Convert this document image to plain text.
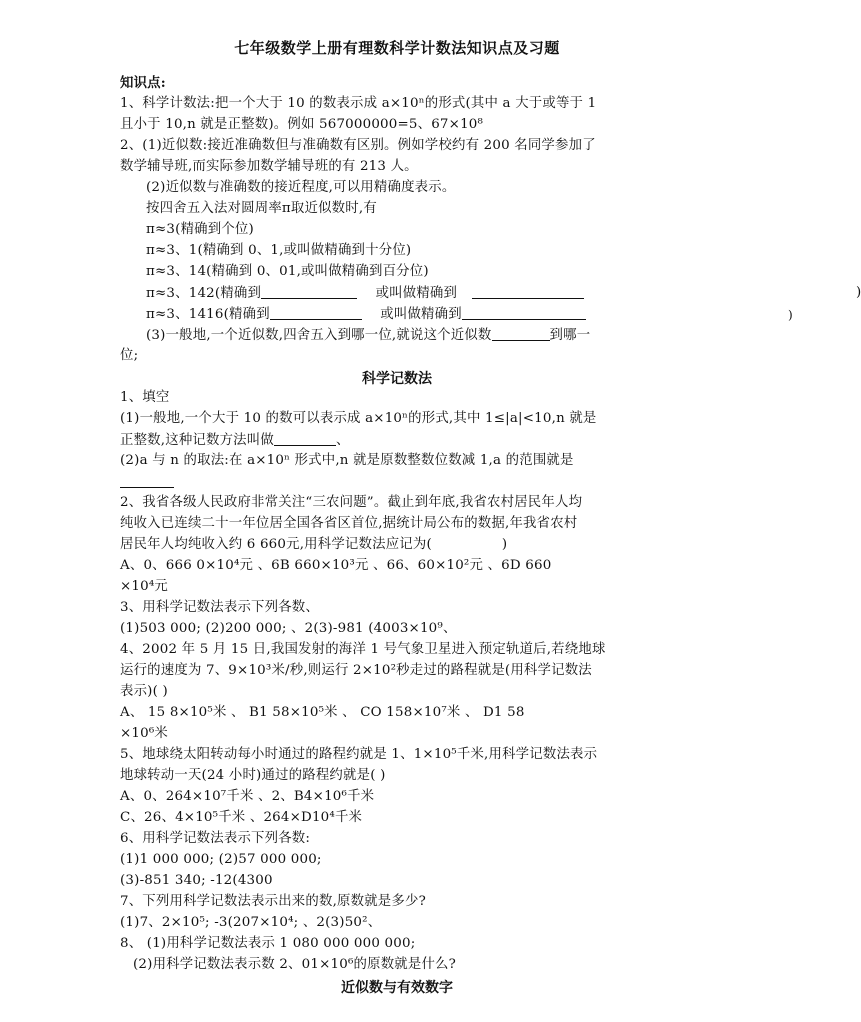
七年级数学上册有理数科学计数法知识点及习题
知识点:
1、科学计数法:把一个大于 10 的数表示成 a×10ⁿ的形式(其中 a 大于或等于 1
且小于 10,n 就是正整数)。例如 567000000=5、67×10⁸
2、(1)近似数:接近准确数但与准确数有区别。例如学校约有 200 名同学参加了
数学辅导班,而实际参加数学辅导班的有 213 人。
(2)近似数与准确数的接近程度,可以用精确度表示。
按四舍五入法对圆周率π取近似数时,有
π≈3(精确到个位)
π≈3、1(精确到 0、1,或叫做精确到十分位)
π≈3、14(精确到 0、01,或叫做精确到百分位)
π≈3、142(精确到	或叫做精确到	)
π≈3、1416(精确到	或叫做精确到
(3)一般地,一个近似数,四舍五入到哪一位,就说这个近似数	到哪一
位;
科学记数法
1、填空
(1)一般地,一个大于 10 的数可以表示成 a×10ⁿ的形式,其中 1≤|a|<10,n 就是
正整数,这种记数方法叫做	、
(2)a 与 n 的取法:在 a×10ⁿ 形式中,n 就是原数整数位数减 1,a 的范围就是
2、我省各级人民政府非常关注“三农问题”。截止到年底,我省农村居民年人均
纯收入已连续二十一年位居全国各省区首位,据统计局公布的数据,年我省农村
居民年人均纯收入约 6 660元,用科学记数法应记为(	)
A、0、666 0×10⁴元 、6B 660×10³元 、66、60×10²元 、6D 660
×10⁴元
3、用科学记数法表示下列各数、
(1)503 000; (2)200 000; 、2(3)-981 (4003×10⁹、
4、2002 年 5 月 15 日,我国发射的海洋 1 号气象卫星进入预定轨道后,若绕地球
运行的速度为 7、9×10³米/秒,则运行 2×10²秒走过的路程就是(用科学记数法
表示)( )
A、 15 8×10⁵米 、 B1 58×10⁵米 、 CO 158×10⁷米 、 D1 58
×10⁶米
5、地球绕太阳转动每小时通过的路程约就是 1、1×10⁵千米,用科学记数法表示
地球转动一天(24 小时)通过的路程约就是( )
A、0、264×10⁷千米 、2、B4×10⁶千米
C、26、4×10⁵千米 、264×D10⁴千米
6、用科学记数法表示下列各数:
(1)1 000 000; (2)57 000 000;
(3)-851 340; -12(4300
7、下列用科学记数法表示出来的数,原数就是多少?
(1)7、2×10⁵; -3(207×10⁴; 、2(3)50²、
8、 (1)用科学记数法表示 1 080 000 000 000;
(2)用科学记数法表示数 2、01×10⁶的原数就是什么?
近似数与有效数字
)
